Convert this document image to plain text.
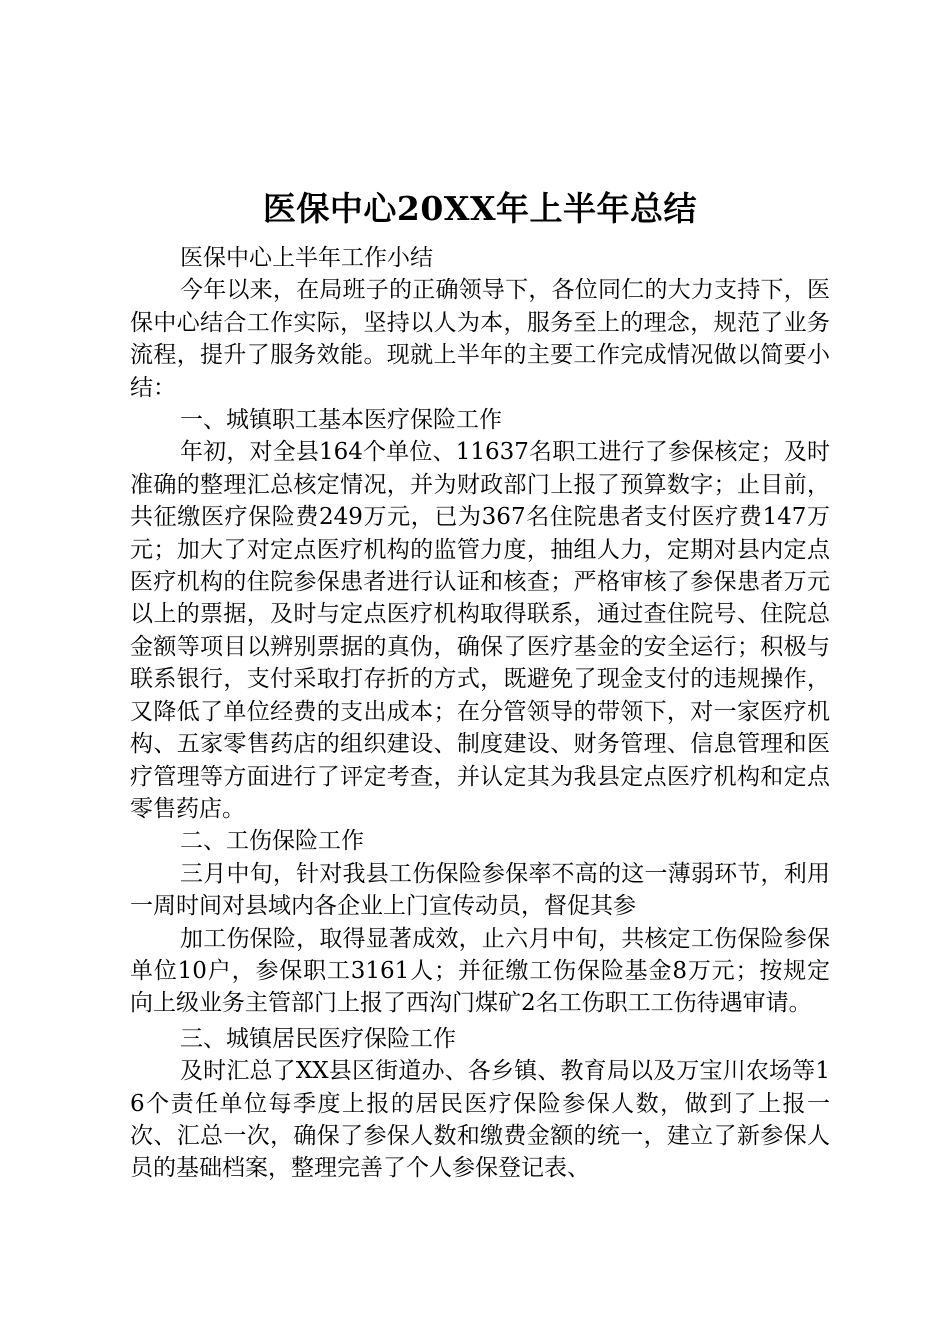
医保中心20XX年上半年总结

医保中心上半年工作小结

今年以来，在局班子的正确领导下，各位同仁的大力支持下，医保中心结合工作实际，坚持以人为本，服务至上的理念，规范了业务流程，提升了服务效能。现就上半年的主要工作完成情况做以简要小结：

一、城镇职工基本医疗保险工作

年初，对全县164个单位、11637名职工进行了参保核定；及时准确的整理汇总核定情况，并为财政部门上报了预算数字；止目前，共征缴医疗保险费249万元，已为367名住院患者支付医疗费147万元；加大了对定点医疗机构的监管力度，抽组人力，定期对县内定点医疗机构的住院参保患者进行认证和核查；严格审核了参保患者万元以上的票据，及时与定点医疗机构取得联系，通过查住院号、住院总金额等项目以辨别票据的真伪，确保了医疗基金的安全运行；积极与联系银行，支付采取打存折的方式，既避免了现金支付的违规操作，又降低了单位经费的支出成本；在分管领导的带领下，对一家医疗机构、五家零售药店的组织建设、制度建设、财务管理、信息管理和医疗管理等方面进行了评定考查，并认定其为我县定点医疗机构和定点零售药店。

二、工伤保险工作

三月中旬，针对我县工伤保险参保率不高的这一薄弱环节，利用一周时间对县域内各企业上门宣传动员，督促其参

加工伤保险，取得显著成效，止六月中旬，共核定工伤保险参保单位10户，参保职工3161人；并征缴工伤保险基金8万元；按规定向上级业务主管部门上报了西沟门煤矿2名工伤职工工伤待遇审请。

三、城镇居民医疗保险工作

及时汇总了XX县区街道办、各乡镇、教育局以及万宝川农场等16个责任单位每季度上报的居民医疗保险参保人数，做到了上报一次、汇总一次，确保了参保人数和缴费金额的统一，建立了新参保人员的基础档案，整理完善了个人参保登记表、
